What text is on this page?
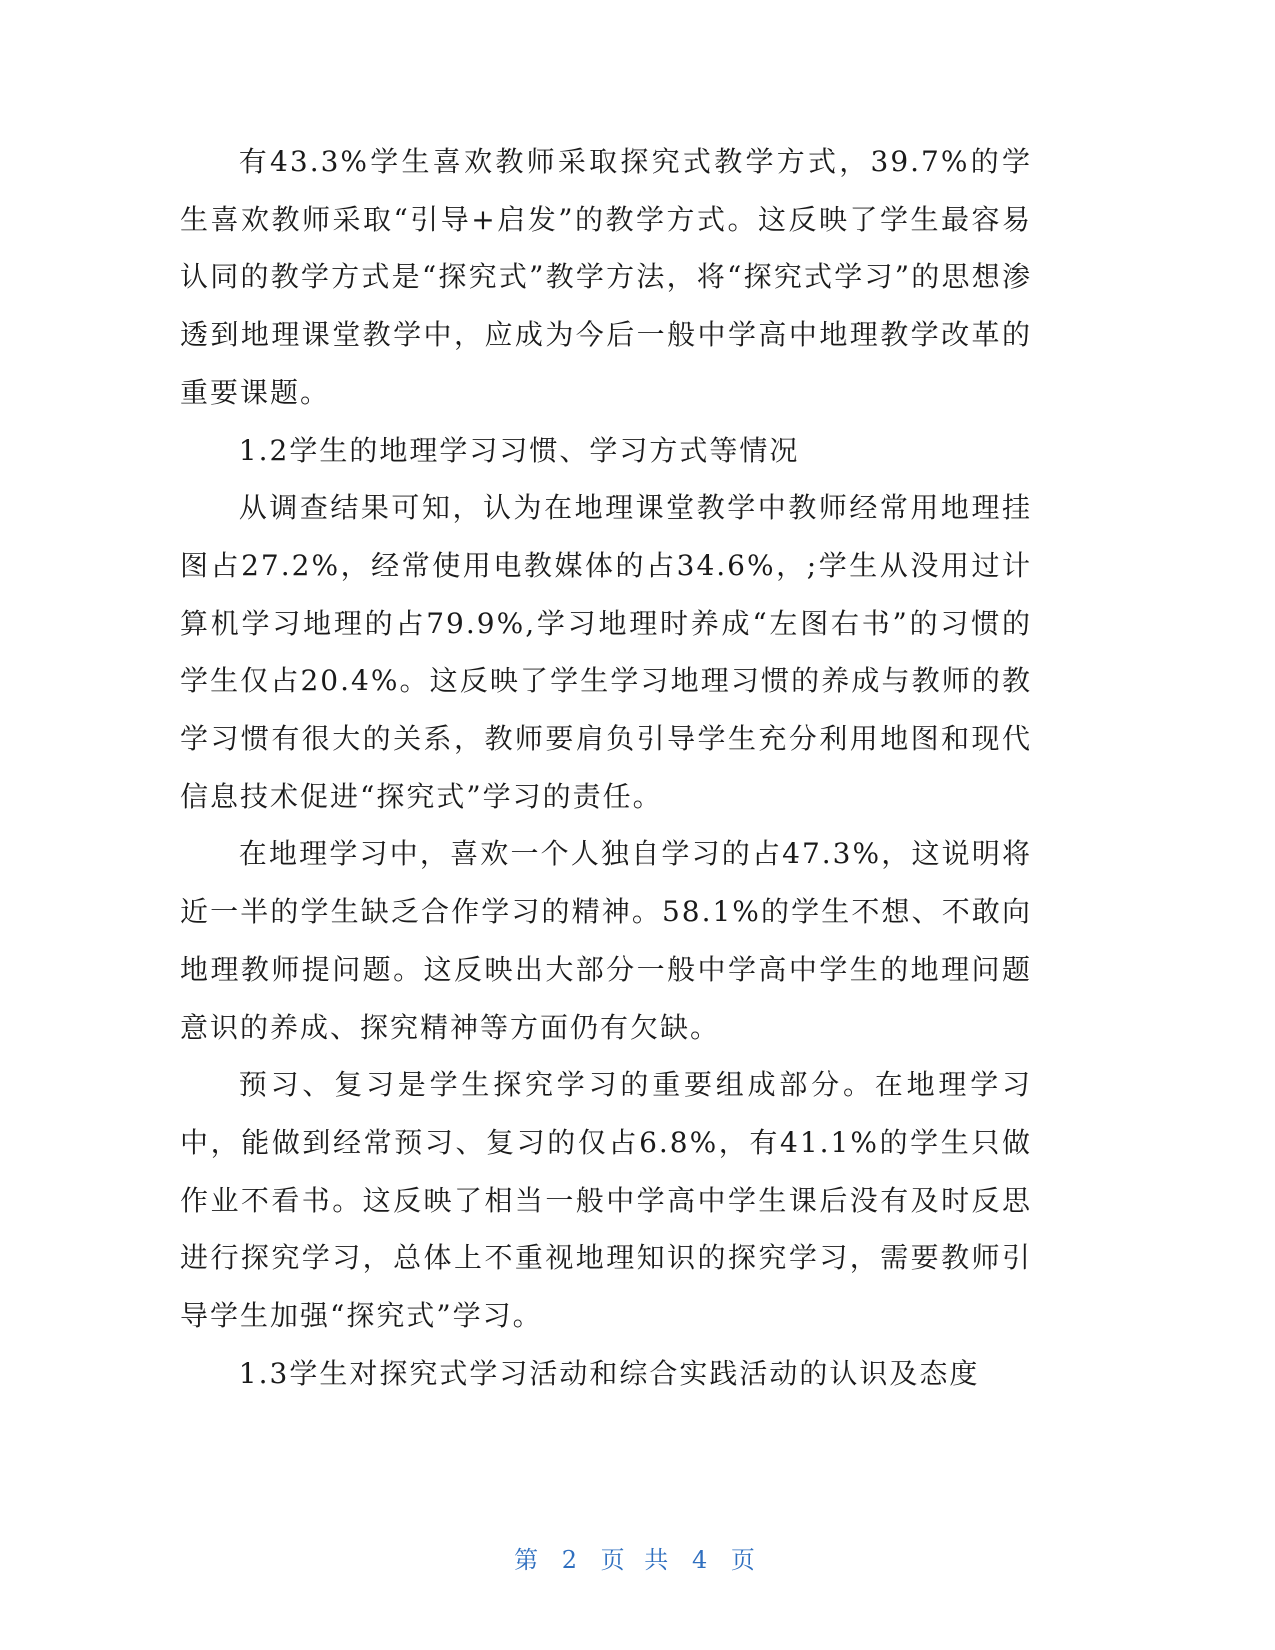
有43.3%学生喜欢教师采取探究式教学方式，39.7%的学生喜欢教师采取“引导+启发”的教学方式。这反映了学生最容易认同的教学方式是“探究式”教学方法，将“探究式学习”的思想渗透到地理课堂教学中，应成为今后一般中学高中地理教学改革的重要课题。

1.2学生的地理学习习惯、学习方式等情况

从调查结果可知，认为在地理课堂教学中教师经常用地理挂图占27.2%，经常使用电教媒体的占34.6%，;学生从没用过计算机学习地理的占79.9%,学习地理时养成“左图右书”的习惯的学生仅占20.4%。这反映了学生学习地理习惯的养成与教师的教学习惯有很大的关系，教师要肩负引导学生充分利用地图和现代信息技术促进“探究式”学习的责任。

在地理学习中，喜欢一个人独自学习的占47.3%，这说明将近一半的学生缺乏合作学习的精神。58.1%的学生不想、不敢向地理教师提问题。这反映出大部分一般中学高中学生的地理问题意识的养成、探究精神等方面仍有欠缺。

预习、复习是学生探究学习的重要组成部分。在地理学习中，能做到经常预习、复习的仅占6.8%，有41.1%的学生只做作业不看书。这反映了相当一般中学高中学生课后没有及时反思进行探究学习，总体上不重视地理知识的探究学习，需要教师引导学生加强“探究式”学习。

1.3学生对探究式学习活动和综合实践活动的认识及态度

第 2 页 共 4 页
